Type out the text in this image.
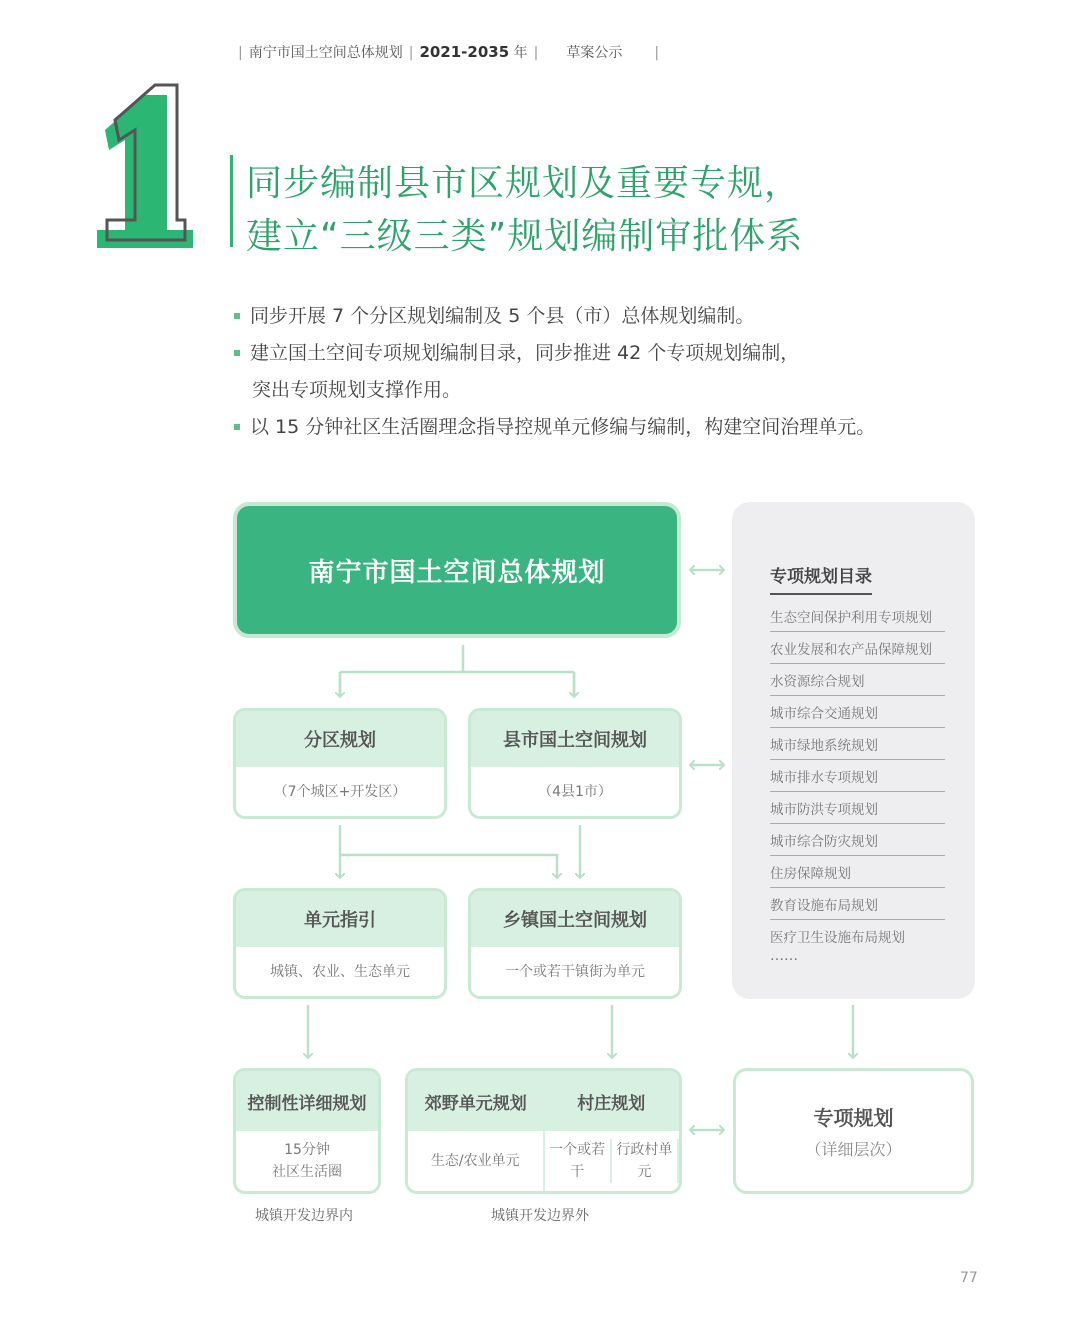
| 南宁市国土空间总体规划 | 2021-2035 年 | 草案公示 |
同步编制县市区规划及重要专规，
建立“三级三类”规划编制审批体系
同步开展 7 个分区规划编制及 5 个县（市）总体规划编制。
建立国土空间专项规划编制目录，同步推进 42 个专项规划编制，
突出专项规划支撑作用。
以 15 分钟社区生活圈理念指导控规单元修编与编制，构建空间治理单元。
南宁市国土空间总体规划
分区规划
（7个城区+开发区）
县市国土空间规划
（4县1市）
单元指引
城镇、农业、生态单元
乡镇国土空间规划
一个或若干镇街为单元
控制性详细规划
15分钟
社区生活圈
郊野单元规划	村庄规划
生态/农业单元
一个或若干
行政村单元
专项规划
（详细层次）
城镇开发边界内	城镇开发边界外
专项规划目录
生态空间保护利用专项规划
农业发展和农产品保障规划
水资源综合规划
城市综合交通规划
城市绿地系统规划
城市排水专项规划
城市防洪专项规划
城市综合防灾规划
住房保障规划
教育设施布局规划
医疗卫生设施布局规划
……
77
